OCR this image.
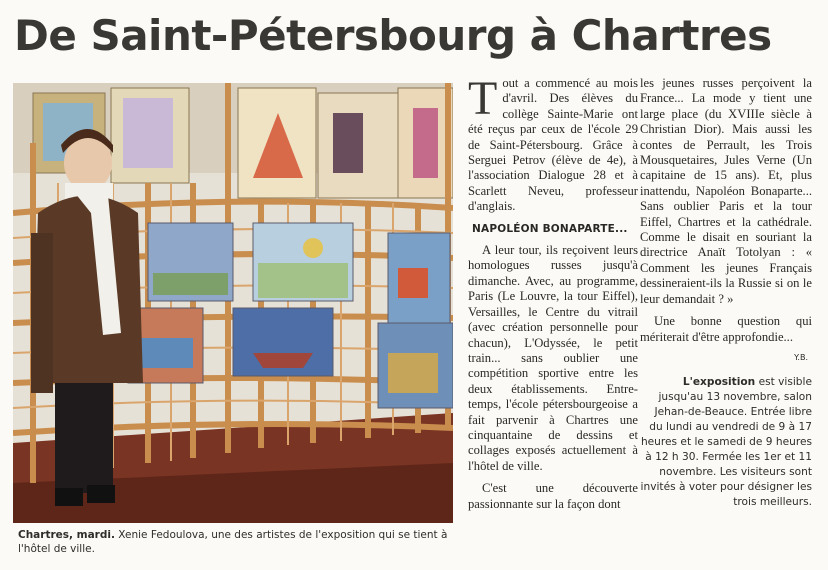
De Saint-Pétersbourg à Chartres
Chartres, mardi. Xenie Fedoulova, une des artistes de l'exposition qui se tient à l'hôtel de ville.

Tout a commencé au mois d'avril. Des élèves du collège Sainte-Marie ont été reçus par ceux de l'école 29 de Saint-Pétersbourg. Grâce à Serguei Petrov (élève de 4e), à l'association Dialogue 28 et à Scarlett Neveu, professeur d'anglais.

NAPOLÉON BONAPARTE...

A leur tour, ils reçoivent leurs homologues russes jusqu'à dimanche. Avec, au programme, Paris (Le Louvre, la tour Eiffel), Versailles, le Centre du vitrail (avec création personnelle pour chacun), L'Odyssée, le petit train... sans oublier une compétition sportive entre les deux établissements. Entre-temps, l'école pétersbourgeoise a fait parvenir à Chartres une cinquantaine de dessins et collages exposés actuellement à l'hôtel de ville.

C'est une découverte passionnante sur la façon dont

les jeunes russes perçoivent la France... La mode y tient une large place (du XVIIIe siècle à Christian Dior). Mais aussi les contes de Perrault, les Trois Mousquetaires, Jules Verne (Un capitaine de 15 ans). Et, plus inattendu, Napoléon Bonaparte... Sans oublier Paris et la tour Eiffel, Chartres et la cathédrale. Comme le disait en souriant la directrice Anaït Totolyan : « Comment les jeunes Français dessineraient-ils la Russie si on le leur demandait ? »

Une bonne question qui mériterait d'être approfondie...

Y.B.
L'exposition est visible jusqu'au 13 novembre, salon Jehan-de-Beauce. Entrée libre du lundi au vendredi de 9 à 17 heures et le samedi de 9 heures à 12 h 30. Fermée les 1er et 11 novembre. Les visiteurs sont invités à voter pour désigner les trois meilleurs.
